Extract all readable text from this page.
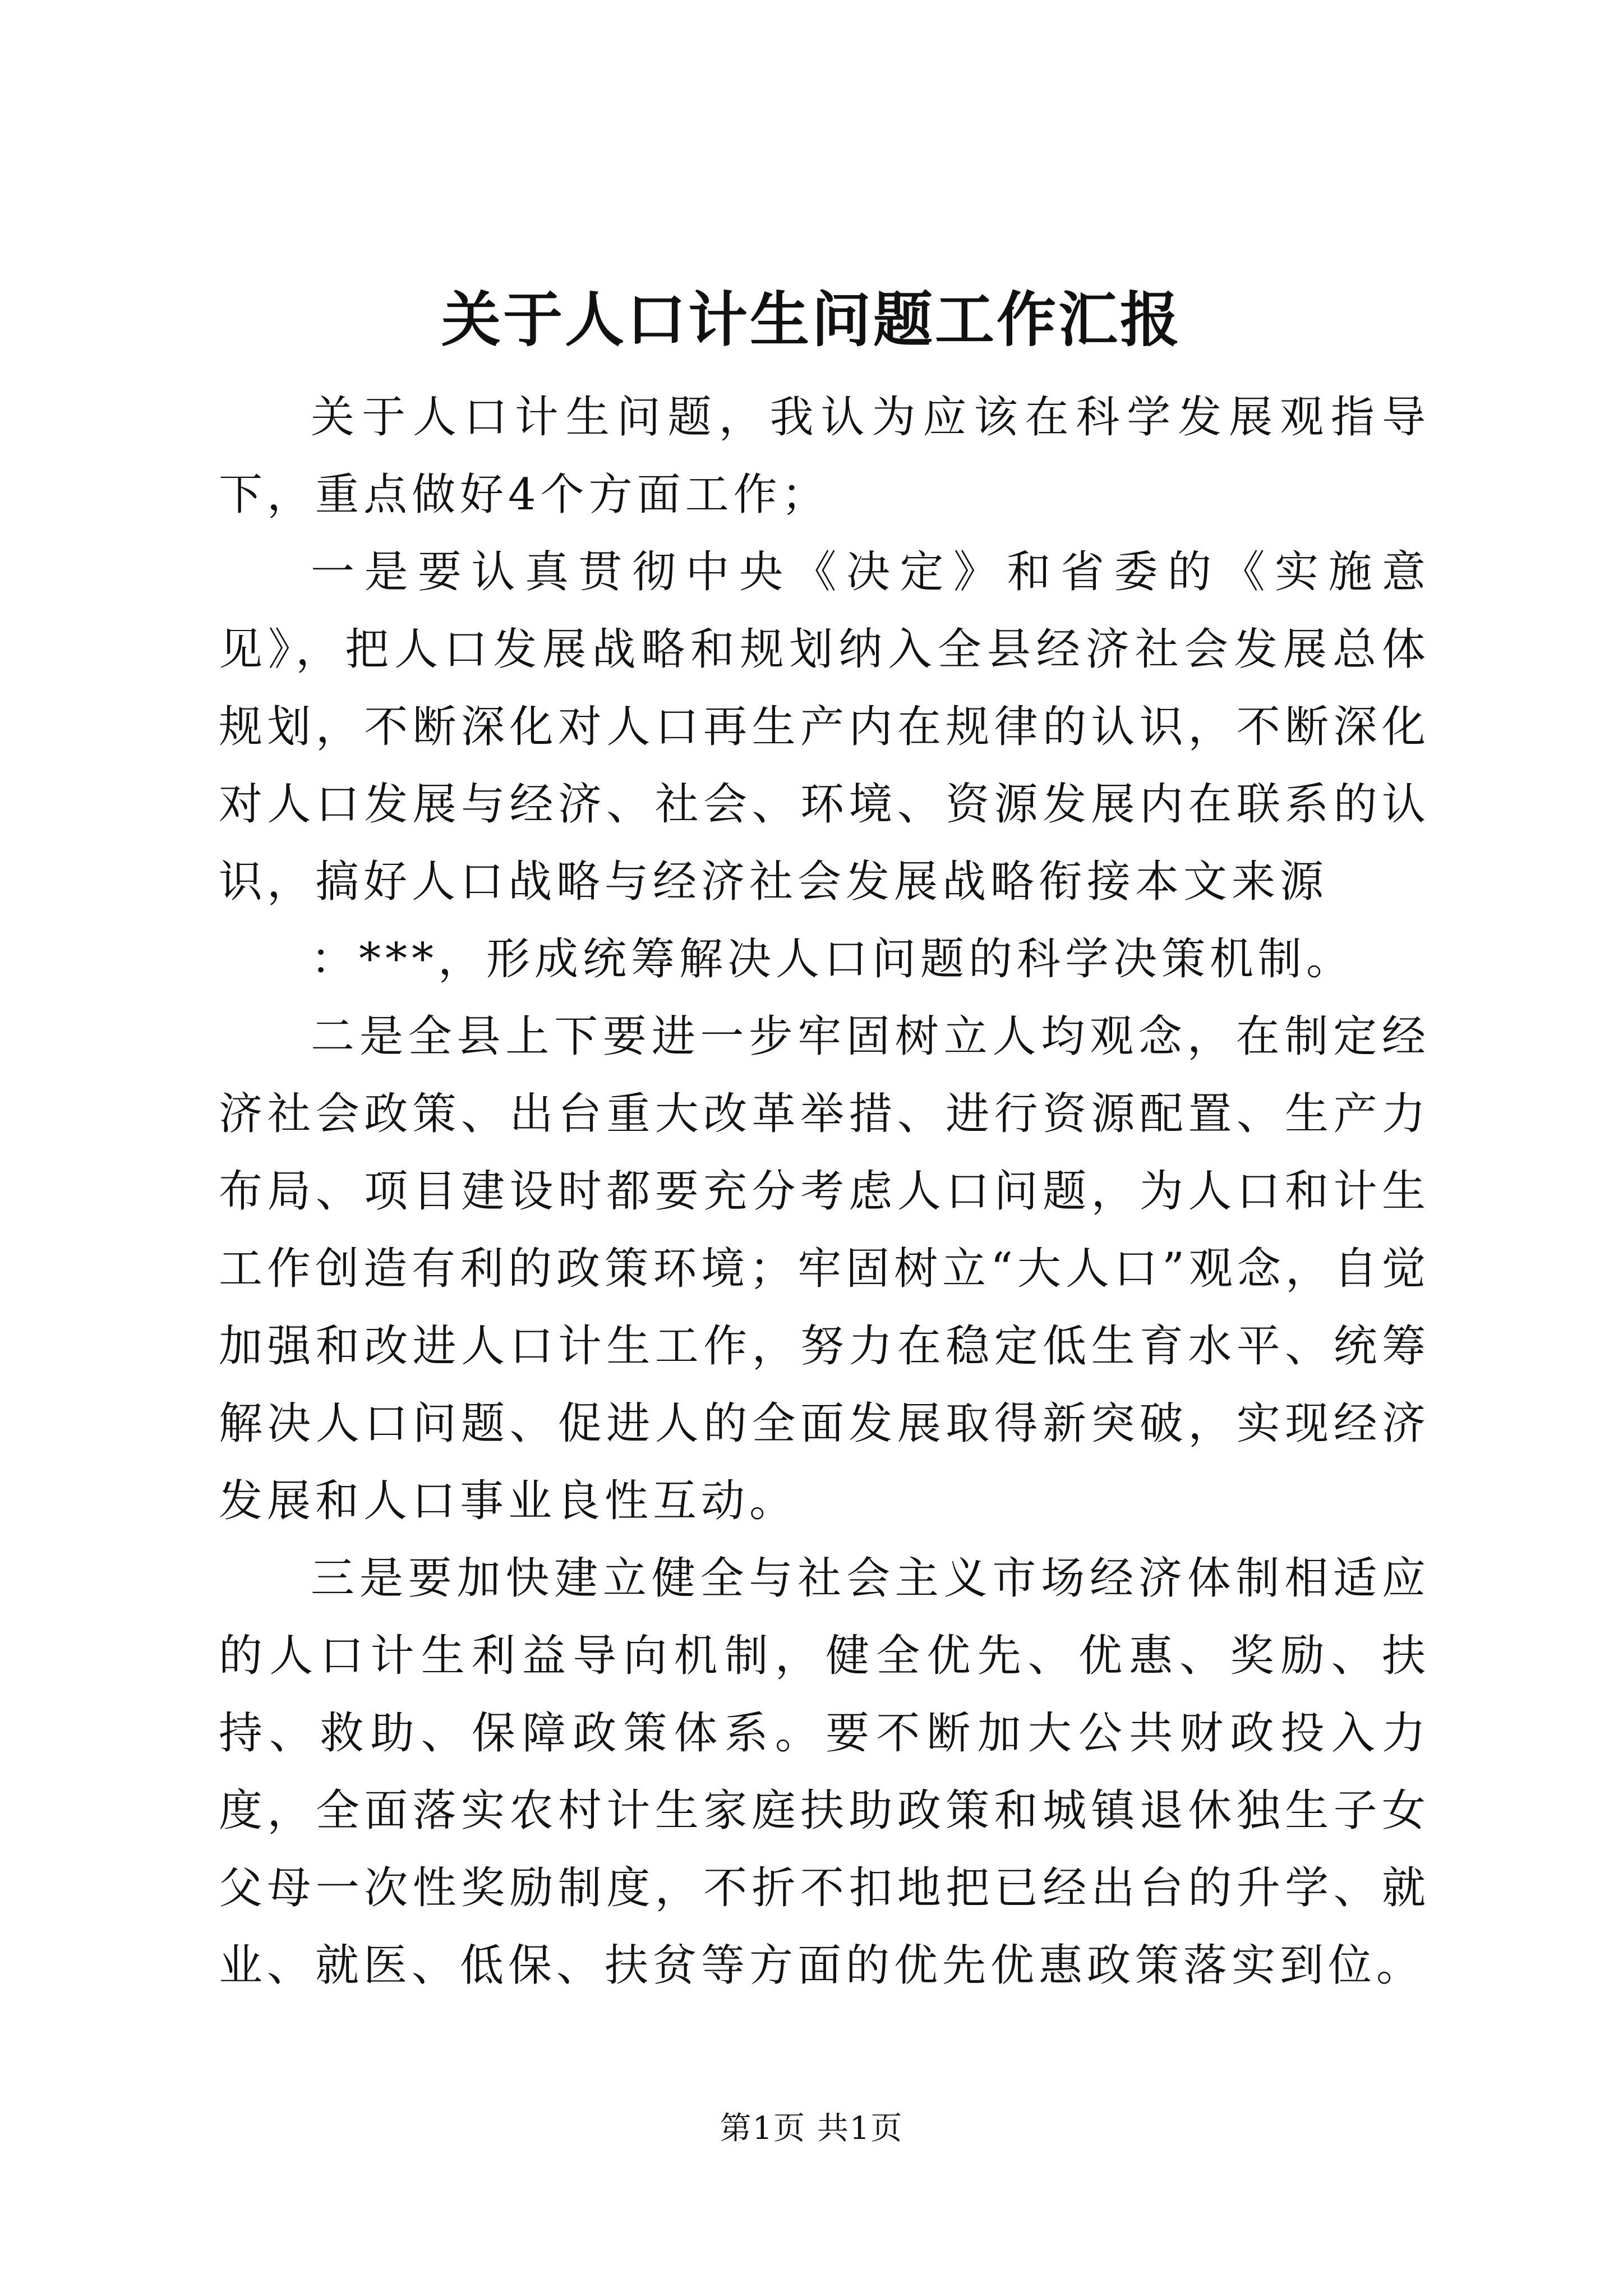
关于人口计生问题工作汇报

关于人口计生问题，我认为应该在科学发展观指导下，重点做好4个方面工作；

一是要认真贯彻中央《决定》和省委的《实施意见》，把人口发展战略和规划纳入全县经济社会发展总体规划，不断深化对人口再生产内在规律的认识，不断深化对人口发展与经济、社会、环境、资源发展内在联系的认识，搞好人口战略与经济社会发展战略衔接本文来源

：***，形成统筹解决人口问题的科学决策机制。

二是全县上下要进一步牢固树立人均观念，在制定经济社会政策、出台重大改革举措、进行资源配置、生产力布局、项目建设时都要充分考虑人口问题，为人口和计生工作创造有利的政策环境；牢固树立“大人口”观念，自觉加强和改进人口计生工作，努力在稳定低生育水平、统筹解决人口问题、促进人的全面发展取得新突破，实现经济发展和人口事业良性互动。

三是要加快建立健全与社会主义市场经济体制相适应的人口计生利益导向机制，健全优先、优惠、奖励、扶持、救助、保障政策体系。要不断加大公共财政投入力度，全面落实农村计生家庭扶助政策和城镇退休独生子女父母一次性奖励制度，不折不扣地把已经出台的升学、就业、就医、低保、扶贫等方面的优先优惠政策落实到位。

第1页 共1页
